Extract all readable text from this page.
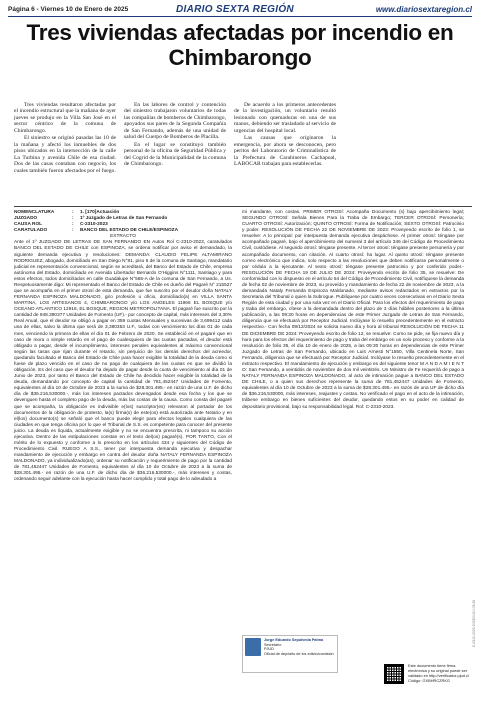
Página 6 - Viernes 10 de Enero de 2025	DIARIO SEXTA REGIÓN	www.diariosextaregion.cl
Tres viviendas afectadas por incendio en Chimbarongo

Tres viviendas resultaron afectadas por el incendio estructural que la mañana de ayer jueves se produjo en la Villa San José en el sector céntrico de la comuna de Chimbarongo.

El siniestro se originó pasadas las 10 de la mañana y afectó los inmuebles de dos pisos ubicados en la intersección de la calle La Turbina y avenida Chile de esa ciudad. Dos de las casas contaban con negocio, los cuales también fueron afectados por el fuego.

En las labores de control y contención del siniestro trabajaron voluntarios de todas las compañías de bomberos de Chimbarongo, apoyados sus pares de la Segunda Compañía de San Fernando, además de una unidad de salud del Cuerpo de Bomberos de Placilla.

En el lugar se constituyó también personal de la oficina de Seguridad Pública y del Cogrid de la Municipalidad de la comuna de Chimbarongo.

De acuerdo a los primeros antecedentes de la investigación, un voluntario resultó lesionado con quemaduras en una de sus manos, debiendo ser trasladado al servicio de urgencias del hospital local.

Las causas que originaron la emergencia, por ahora se desconocen, pero peritos del Laboratorio de Criminalística de la Prefectura de Carabineros Cachapoal, LABOCAR trabajan para establecerlas.

NOMENCLATURA	:	1. [170]Actuación
JUZGADO	:	1º Juzgado de Letras de San Fernando
CAUSA ROL	:	C-2310-2023
CARATULADO	:	BANCO DEL ESTADO DE CHILE/ESPINOZA

EXTRACTO

Ante el 1º JUZGADO DE LETRAS DE SAN FERNANDO EN Autos Rol C-2310-2023, caratulados BANCO DEL ESTADO DE CHILE con ESPINOZA, se ordena notificar por aviso el demandado, la siguiente demanda ejecutiva y resoluciones: DEMANDA: CLAUDIO FELIPE ALTAMIRANO RODRIGUEZ, abogado, domiciliado en San Diego N°81, piso 6 de la comuna de Santiago, mandatario judicial en representación convencional, según se acreditará, del Banco del Estado de Chile, empresa autónoma del Estado, domiciliado en Avenida Libertador Bernardo O'Higgins N°1111, Santiago y para estos efectos, todos domiciliados en calle Guadalupe N°565-A de la comuna de San Fernando, a Us. Respetuosamente digo: Mi representado el Banco del Estado de Chile es dueño del Pagaré N° 215527 que se acompaña en el primer otrosí de esta demanda, que fue suscrito por el deudor doña NATALY FERNANDA ESPINOZA MALDONADO, giro profesión u oficio, domiciliado(a) en VILLA SANTA MARTINA, LOS ARTESANOS 4, CHIMBARONGO y/o LOS ANGELES 11966 EL BOSQUE y/o OCEANO ATLANTICO 12916, EL BOSQUE, REGION METROPOLITANA. El pagaré fue suscrito por la cantidad de 948.390377 Unidades de Fomento (UF).- por concepto de capital, más intereses del 3,30% Real Anual, que el deudor se obligó a pagar en 359 cuotas Mensuales y sucesivas de 3,699412 cada una de ellas, salvo la última que será de 3,380353 U.F., todas con vencimiento los días 01 de cada mes, venciendo la primera de ellas el día 01 de Febrero de 2020. Se estableció en el pagaré que en caso de mora o simple retardo en el pago de cualesquiera de las cuotas pactadas, el deudor está obligado a pagar, desde el incumplimiento, intereses penales equivalentes al máximo convencional según las tasas que rijan durante el retardo, sin perjuicio de los demás derechos del acreedor, quedando facultado el Banco del Estado de Chile para hacer exigible la totalidad de la deuda como si fuese de plazo vencido en el caso de no pago de cualquiera de las cuotas en que se dividió la obligación. Es del caso que el deudor ha dejado de pagar desde la cuota de vencimiento al día 01 de Junio de 2023, por tanto el Banco del Estado de Chile ha decidido hacer exigible la totalidad de la deuda, demandando por concepto de capital la cantidad de 781,452447 Unidades de Fomento, equivalentes al día 10 de Octubre de 2023 a la suma de $28.301.495.- en razón de una U.F. de dicho día de $36.216,530000.-, más los intereses pactados devengados desde esa fecha y los que se devenguen hasta el completo pago de la deuda, más las costas de la causa. Como consta del pagaré que se acompaña, la obligación es indivisible e(los) suscriptor(es) relevaron al portador de los documentos de la obligación de protesto, la(s) firma(s) de este(os) está autorizada ante Notario y en el(los) documento(s) se señaló que el banco puede elegir para efectos legales cualquiera de las ciudades en que tenga oficina por lo que el Tribunal de S.S. es competente para conocer del presente juicio. La deuda es líquida, actualmente exigible y no se encuentra prescrita, ni tampoco su acción ejecutiva. Dentro de las estipulaciones constan en el texto del(os) pagaré(s). POR TANTO, Con el mérito de lo expuesto y conforme a lo prescrito en los artículos 434 y siguientes del Código de Procedimiento Civil. RUEGO A S.S., tener por interpuesta demanda ejecutiva y despachar mandamiento de ejecución y embargo en contra del deudor doña NATALY FERNANDA ESPINOZA MALDONADO, ya individualizado(as), ordenar su notificación y requerimiento de pago por la cantidad de 781,452447 Unidades de Fomento, equivalentes al día 10 de Octubre de 2023 a la suma de $28.301.495.- en razón de una U.F. de dicho día de $36.216,530000.-, más intereses y costas, ordenando seguir adelante con la ejecución hasta hacer cumplido y total pago de lo adeudado a

mi mandante, con costas. PRIMER OTROSÍ: Acompaña Documento (s) bajo apercibimiento legal; SEGUNDO OTROSÍ: Señala Bienes Para la Traba de Embargo; TERCER OTROSÍ: Personería; CUARTO OTROSÍ: Autorización; QUINTO OTROSÍ: Forma de Notificación; SEXTO OTROSÍ: Patrocinio y poder. RESOLUCIÓN DE FECHA 22 DE NOVIEMBRE DE 2023: Proveyendo escrito de folio 1, se resuelve: A lo principal: por interpuesta demanda ejecutiva despáchese. Al primer otrosí: téngase por acompañado pagaré, bajo el apercibimiento del numeral 3 del artículo 346 del Código de Procedimiento Civil, custódiese. Al segundo otrosí: téngase presente. Al tercer otrosí: téngase presente personería y por acompañado documento, con citación. Al cuarto otrosí: ha lugar. Al quinto otrosí: téngase presente correo electrónico que indica, solo respecto a las resoluciones que deben notificarse personalmente o por cédula a la ejecutante. Al sexto otrosí: téngase presente patrocinio y por conferido poder.- RESOLUCIÓN DE FECHA 19 DE JULIO DE 2024: Proveyendo escrito de folio 35, se resuelve: De conformidad con lo dispuesto en el artículo 54 del Código de Procedimiento Civil, notifíquese la demanda de fecha 02 de noviembre de 2023, su proveído y mandamiento de fecha 22 de noviembre de 2023, a la demandada Nataly Fernanda Espinoza Maldonado, mediante avisos redactados en extractos por la Secretaria del Tribunal o quien la Subrogue. Publíquese por cuatro veces consecutivas en el Diario Sexta Región de esta ciudad y por una sola vez en el Diario Oficial. Para los efectos del requerimiento de pago y traba del embargo, cítese a la demandada dentro del plazo de 3 días hábiles posteriores a la última publicación, a las 09:30 horas en dependencias de este Primer Juzgado de Letras de San Fernando, diligencia que se efectuará por Receptor Judicial. Inclúyase lo resuelto precedentemente en el extracto respectivo.- Con fecha 09/12/2024 se solicita nuevo día y hora al tribunal RESOLUCIÓN DE FECHA 11 DE DICIEMBRE DE 2024: Proveyendo escrito de folio 12, se resuelve: Como se pide, se fija nuevo día y hora para los efectos del requerimiento de pago y traba del embargo en un solo proceso y conforme a la resolución de folio 35, el día 10 de enero de 2025, a las 09:30 horas en dependencias de este Primer Juzgado de Letras de San Fernando, ubicado en Luis Arnesti N°1550, Villa Centinela Norte, San Fernando, diligencia que se efectuará por Receptor Judicial. Inclúyase lo resuelto precedentemente en el extracto respectivo. El mandamiento de ejecución y embargo es del siguiente tenor M A N D A M I E N T O: San Fernando, a veintidós de noviembre de dos mil veintitrés. Un Ministro de Fe requerirá de pago a NATALY FERNANDA ESPINOZA MALDONADO, al acto de intimación pague a BANCO DEL ESTADO DE CHILE, o a quien sus derechos represente la suma de 781,452447 Unidades de Fomento, equivalentes al día 10 de Octubre de 2023 a la suma de $28.301.495.- en razón de una UF de dicho día de $36.216,530000, más intereses, reajustes y costas. No verificado el pago en el acto de la intimación, trábese embargo en bienes suficientes del deudor, quedando estos en su poder en calidad de depositario provisional, bajo su responsabilidad legal. Rol: C-2310-2023.

Jorge Eduardo Sepúlveda Palma
Secretario
PJUD
Oficial de depósito de los edicto/comisión
Este documento tiene firma electrónica y su original puede ser validado en http://verificador.pjud.cl
Código: GXBHRCZRKG
C-2310-2023 2023/01/10 09:26
